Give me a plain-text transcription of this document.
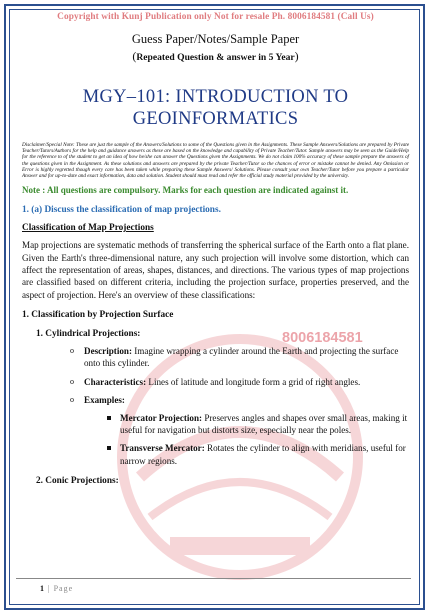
8006184581
Copyright with Kunj Publication only Not for resale Ph. 8006184581 (Call Us)
Guess Paper/Notes/Sample Paper
(Repeated Question & answer in 5 Year)
MGY–101: INTRODUCTION TO GEOINFORMATICS
Disclaimer/Special Note: These are just the sample of the Answers/Solutions to some of the Questions given in the Assignments. These Sample Answers/Solutions are prepared by Private Teacher/Tutors/Authors for the help and guidance answers as these are based on the knowledge and capability of Private Teacher/Tutor. Sample answers may be seen as the Guide/Help for the reference to of the student to get an idea of how he/she can answer the Questions given the Assignments. We do not claim 100% accuracy of these sample prepare the answers of the questions given in the Assignment. As these solutions and answers are prepared by the private Teacher/Tutor so the chances of error or mistake cannot be denied. Any Omission or Error is highly regretted though every care has been taken while preparing these Sample Answers/ Solutions. Please consult your own Teacher/Tutor before you prepare a particular Answer and for up-to-date and exact information, data and solution. Student should must read and refer the official study material provided by the university.
Note : All questions are compulsory. Marks for each question are indicated against it.
1. (a) Discuss the classification of map projections.
Classification of Map Projections
Map projections are systematic methods of transferring the spherical surface of the Earth onto a flat plane. Given the Earth's three-dimensional nature, any such projection will involve some distortion, which can affect the representation of areas, shapes, distances, and directions. The various types of map projections are classified based on different criteria, including the projection surface, properties preserved, and the aspect of projection. Here's an overview of these classifications:
1. Classification by Projection Surface
1. Cylindrical Projections:
o Description: Imagine wrapping a cylinder around the Earth and projecting the surface onto this cylinder.
o Characteristics: Lines of latitude and longitude form a grid of right angles.
o Examples:
Mercator Projection: Preserves angles and shapes over small areas, making it useful for navigation but distorts size, especially near the poles.
Transverse Mercator: Rotates the cylinder to align with meridians, useful for narrow regions.
2. Conic Projections:
1 | Page
